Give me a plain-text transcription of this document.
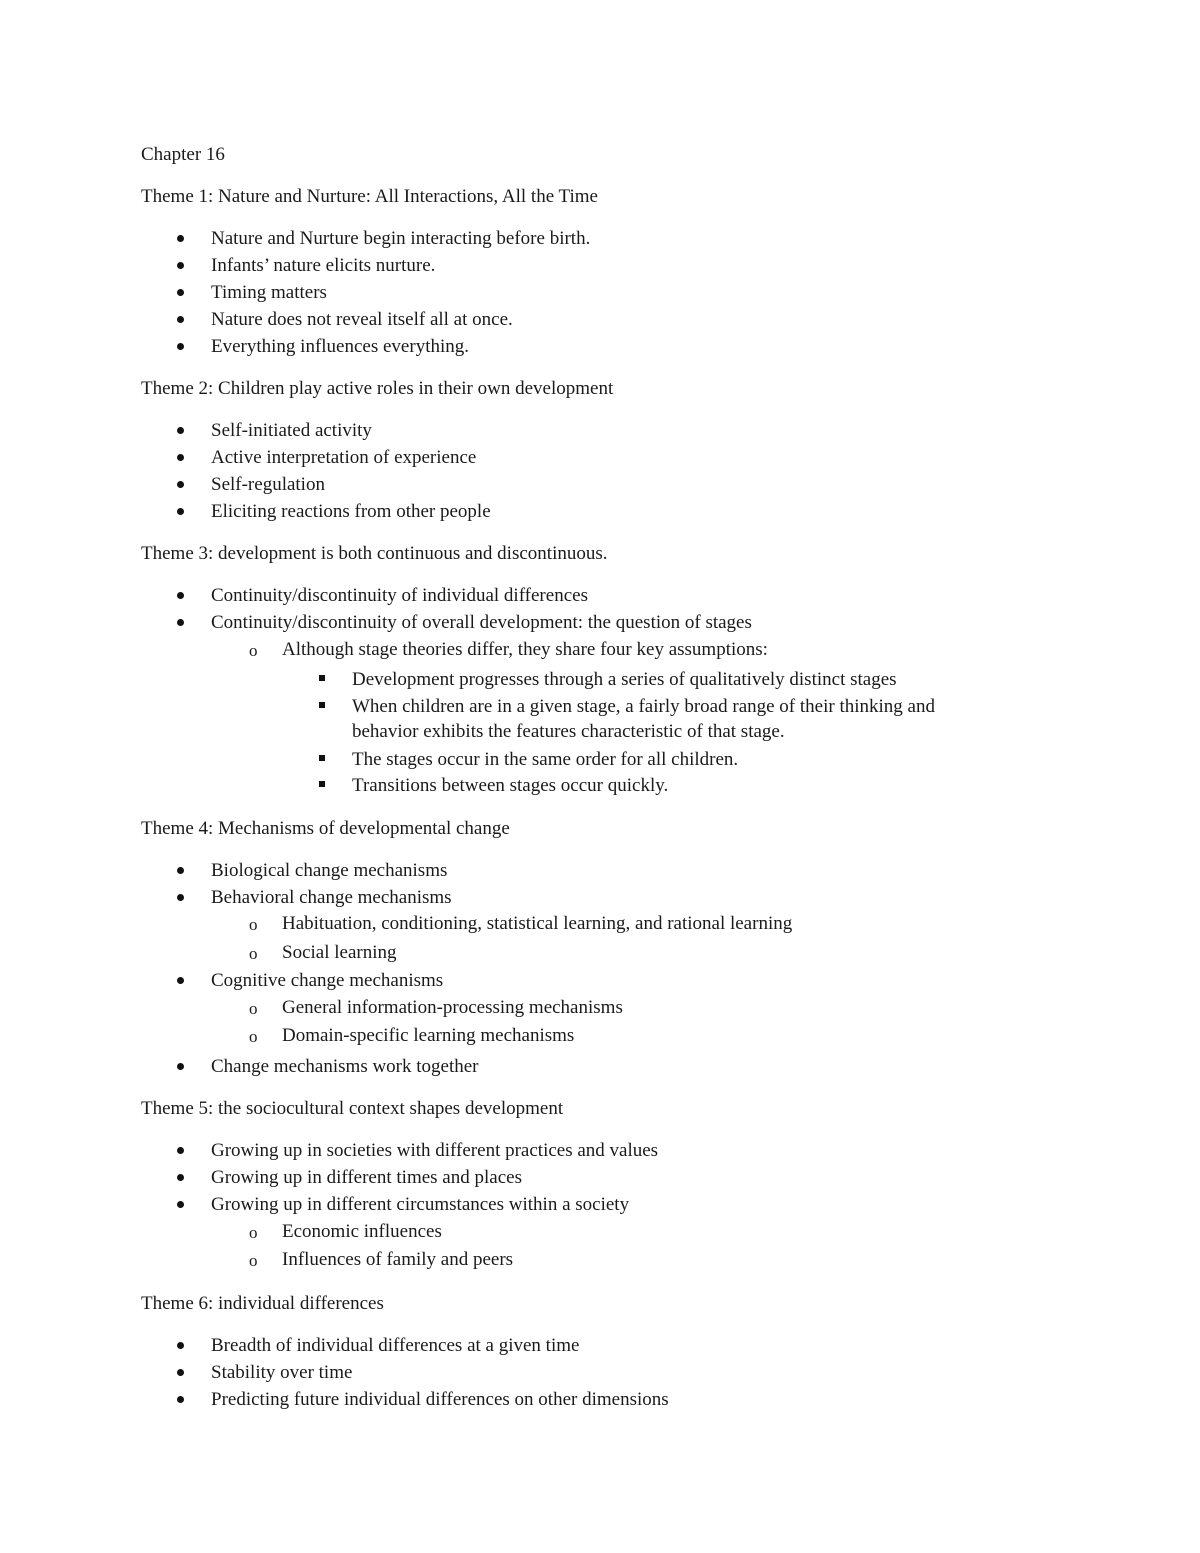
Chapter 16
Theme 1: Nature and Nurture: All Interactions, All the Time
Nature and Nurture begin interacting before birth.
Infants’ nature elicits nurture.
Timing matters
Nature does not reveal itself all at once.
Everything influences everything.
Theme 2: Children play active roles in their own development
Self-initiated activity
Active interpretation of experience
Self-regulation
Eliciting reactions from other people
Theme 3: development is both continuous and discontinuous.
Continuity/discontinuity of individual differences
Continuity/discontinuity of overall development: the question of stages
o Although stage theories differ, they share four key assumptions:
Development progresses through a series of qualitatively distinct stages
When children are in a given stage, a fairly broad range of their thinking and
behavior exhibits the features characteristic of that stage.
The stages occur in the same order for all children.
Transitions between stages occur quickly.
Theme 4: Mechanisms of developmental change
Biological change mechanisms
Behavioral change mechanisms
o Habituation, conditioning, statistical learning, and rational learning
o Social learning
Cognitive change mechanisms
o General information-processing mechanisms
o Domain-specific learning mechanisms
Change mechanisms work together
Theme 5: the sociocultural context shapes development
Growing up in societies with different practices and values
Growing up in different times and places
Growing up in different circumstances within a society
o Economic influences
o Influences of family and peers
Theme 6: individual differences
Breadth of individual differences at a given time
Stability over time
Predicting future individual differences on other dimensions
